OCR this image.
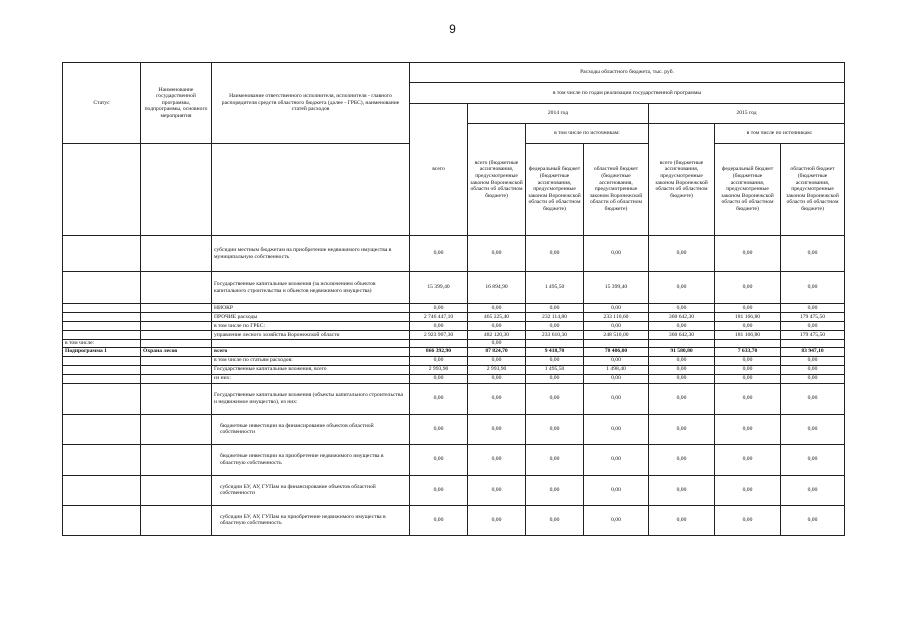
9
Статус	Наименование государственной программы, подпрограммы, основного мероприятия	Наименование ответственного исполнителя, исполнителя - главного распорядителя средств областного бюджета (далее - ГРБС), наименование статей расходов	Расходы областного бюджета, тыс. руб.						
			в том числе по годам реализации государственной программы						
			всего	2014 год			2015 год		
				всего (бюджетные ассигнования, предусмотренные законом Воронежской области об областном бюджете)	в том числе по источникам:		всего (бюджетные ассигнования, предусмотренные законом Воронежской области об областном бюджете)	в том числе по источникам:	
					федеральный бюджет (бюджетные ассигнования, предусмотренные законом Воронежской области об областном бюджете)	областной бюджет (бюджетные ассигнования, предусмотренные законом Воронежской области об областном бюджете)		федеральный бюджет (бюджетные ассигнования, предусмотренные законом Воронежской области об областном бюджете)	областной бюджет (бюджетные ассигнования, предусмотренные законом Воронежской области об областном бюджете)
		субсидии местным бюджетам на приобретение недвижимого имущества в муниципальную собственность	0,00	0,00	0,00	0,00	0,00	0,00	0,00
		Государственные капитальные вложения (за исключением объектов капитального строительства и объектов недвижимого имущества)	15 399,40	16 894,90	1 495,50	15 399,40	0,00	0,00	0,00
		НИОКР	0,00	0,00	0,00	0,00	0,00	0,00	0,00
		ПРОЧИЕ расходы	2 746 447,10	465 225,40	232 114,80	233 110,60	360 642,30	181 166,80	179 475,50
		в том числе по ГРБС:	0,00	0,00	0,00	0,00	0,00	0,00	0,00
		управление лесного хозяйства Воронежской области	2 923 907,30	482 120,30	233 610,30	248 510,00	360 642,30	181 166,80	179 475,50
в том числе:				0,00					
Подпрограмма 1	Охрана лесов	всего	866 392,90	87 824,70	9 418,70	78 406,00	91 580,80	7 633,70	83 947,10
		в том числе по статьям расходов:	0,00	0,00	0,00	0,00	0,00	0,00	0,00
		Государственные капитальные вложения, всего	2 993,90	2 993,90	1 495,50	1 498,40	0,00	0,00	0,00
		из них:	0,00	0,00	0,00	0,00	0,00	0,00	0,00
		Государственные капитальные вложения (объекты капитального строительства и недвижимое имущество), из них:	0,00	0,00	0,00	0,00	0,00	0,00	0,00
		бюджетные инвестиции на финансирование объектов областной собственности	0,00	0,00	0,00	0,00	0,00	0,00	0,00
		бюджетные инвестиции на приобретение недвижимого имущества в областную собственность	0,00	0,00	0,00	0,00	0,00	0,00	0,00
		субсидии БУ, АУ, ГУПам на финансирование объектов областной собственности	0,00	0,00	0,00	0,00	0,00	0,00	0,00
		субсидии БУ, АУ, ГУПам на приобретение недвижимого имущества в областную собственность	0,00	0,00	0,00	0,00	0,00	0,00	0,00
